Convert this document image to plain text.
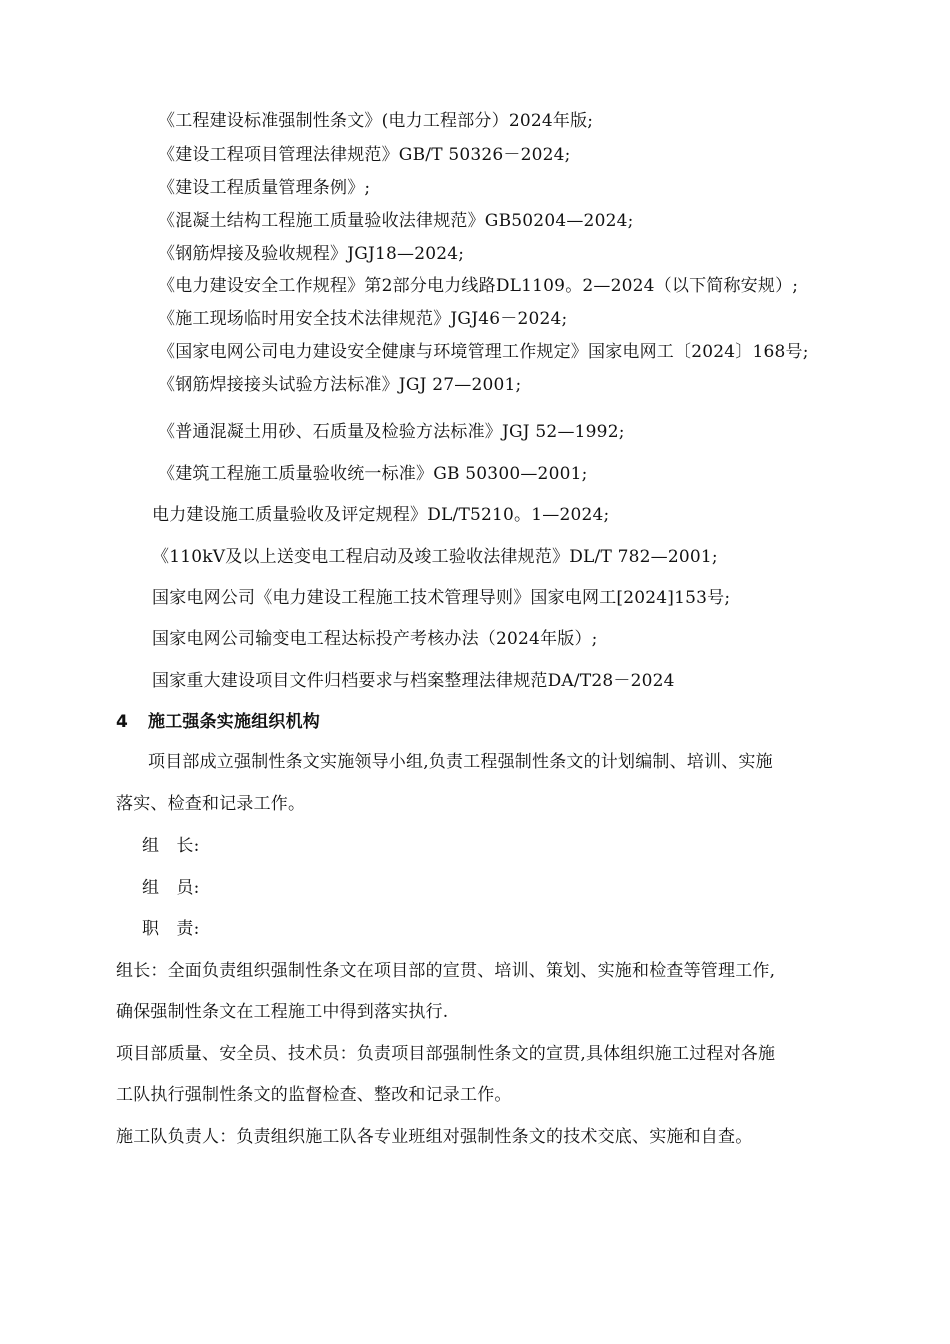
《工程建设标准强制性条文》(电力工程部分）2024年版;
《建设工程项目管理法律规范》GB/T 50326－2024;
《建设工程质量管理条例》;
《混凝土结构工程施工质量验收法律规范》GB50204—2024;
《钢筋焊接及验收规程》JGJ18—2024;
《电力建设安全工作规程》第2部分电力线路DL1109。2—2024（以下简称安规）;
《施工现场临时用安全技术法律规范》JGJ46－2024;
《国家电网公司电力建设安全健康与环境管理工作规定》国家电网工〔2024〕168号;
《钢筋焊接接头试验方法标准》JGJ 27—2001;
《普通混凝土用砂、石质量及检验方法标准》JGJ 52—1992;
《建筑工程施工质量验收统一标准》GB 50300—2001;
电力建设施工质量验收及评定规程》DL/T5210。1—2024;
《110kV及以上送变电工程启动及竣工验收法律规范》DL/T 782—2001;
国家电网公司《电力建设工程施工技术管理导则》国家电网工[2024]153号;
国家电网公司输变电工程达标投产考核办法（2024年版）;
国家重大建设项目文件归档要求与档案整理法律规范DA/T28－2024
4 施工强条实施组织机构
项目部成立强制性条文实施领导小组,负责工程强制性条文的计划编制、培训、实施
落实、检查和记录工作。
组　长:
组　员:
职　责:
组长：全面负责组织强制性条文在项目部的宣贯、培训、策划、实施和检查等管理工作,
确保强制性条文在工程施工中得到落实执行.
项目部质量、安全员、技术员：负责项目部强制性条文的宣贯,具体组织施工过程对各施
工队执行强制性条文的监督检查、整改和记录工作。
施工队负责人：负责组织施工队各专业班组对强制性条文的技术交底、实施和自查。
